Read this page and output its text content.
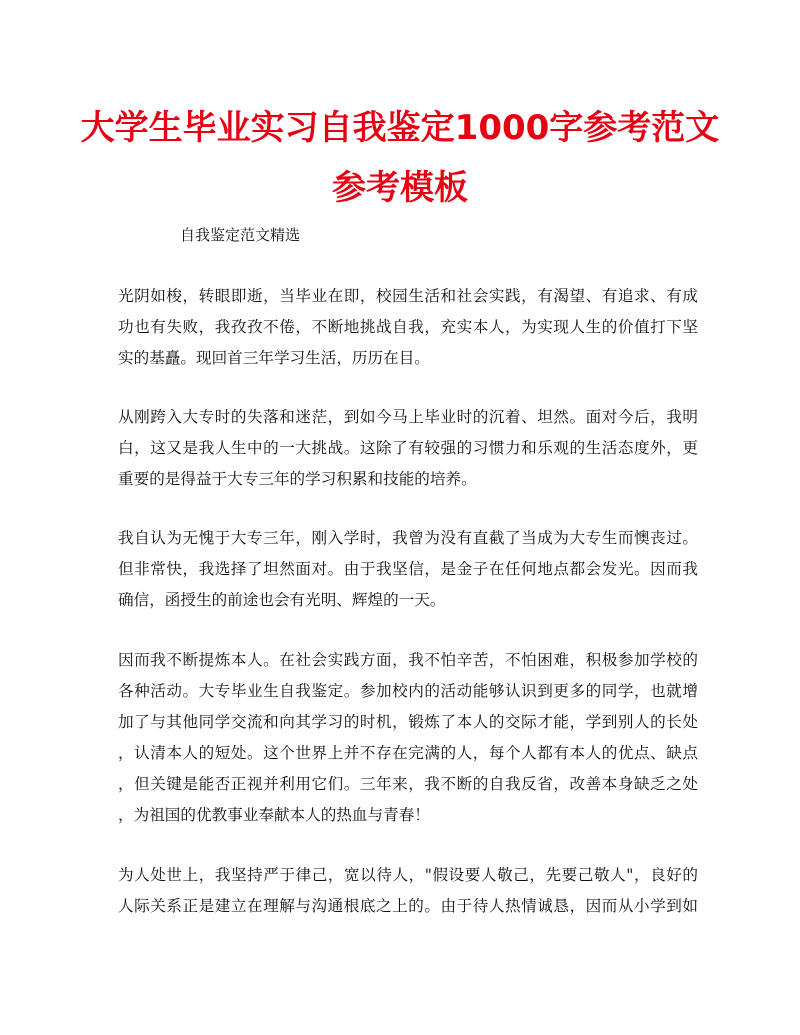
大学生毕业实习自我鉴定1000字参考范文
参考模板

自我鉴定范文精选

光阴如梭，转眼即逝，当毕业在即，校园生活和社会实践，有渴望、有追求、有成
功也有失败，我孜孜不倦，不断地挑战自我，充实本人，为实现人生的价值打下坚
实的基矗。现回首三年学习生活，历历在目。
从刚跨入大专时的失落和迷茫，到如今马上毕业时的沉着、坦然。面对今后，我明
白，这又是我人生中的一大挑战。这除了有较强的习惯力和乐观的生活态度外，更
重要的是得益于大专三年的学习积累和技能的培养。
我自认为无愧于大专三年，刚入学时，我曾为没有直截了当成为大专生而懊丧过。
但非常快，我选择了坦然面对。由于我坚信，是金子在任何地点都会发光。因而我
确信，函授生的前途也会有光明、辉煌的一天。
因而我不断提炼本人。在社会实践方面，我不怕辛苦，不怕困难，积极参加学校的
各种活动。大专毕业生自我鉴定。参加校内的活动能够认识到更多的同学，也就增
加了与其他同学交流和向其学习的时机，锻炼了本人的交际才能，学到别人的长处
，认清本人的短处。这个世界上并不存在完满的人，每个人都有本人的优点、缺点
，但关键是能否正视并利用它们。三年来，我不断的自我反省，改善本身缺乏之处
，为祖国的优教事业奉献本人的热血与青春！
为人处世上，我坚持严于律己，宽以待人，"假设要人敬己，先要己敬人"，良好的
人际关系正是建立在理解与沟通根底之上的。由于待人热情诚恳，因而从小学到如
